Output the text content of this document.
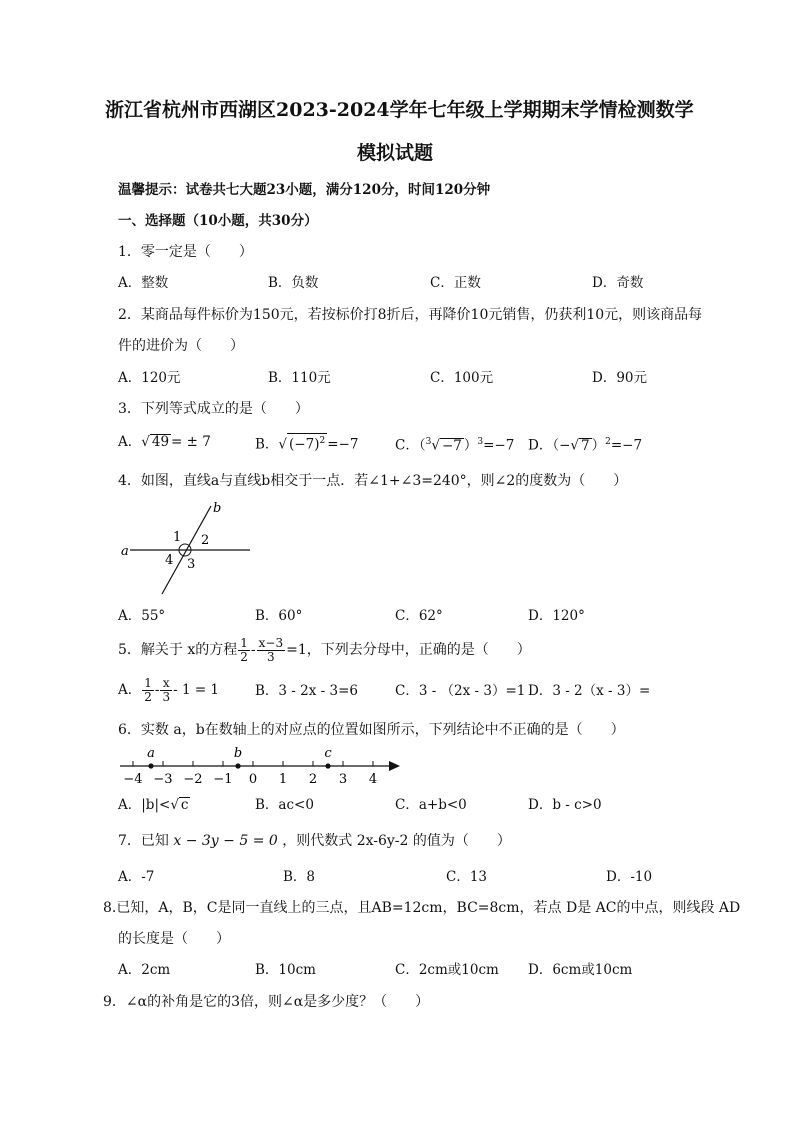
浙江省杭州市西湖区2023-2024学年七年级上学期期末学情检测数学
模拟试题
温馨提示：试卷共七大题23小题，满分120分，时间120分钟
一、选择题（10小题，共30分）
1．零一定是（　　）
A．整数	B．负数	C．正数	D．奇数
2．某商品每件标价为150元，若按标价打8折后，再降价10元销售，仍获利10元，则该商品每
件的进价为（　　）
A．120元	B．110元	C．100元	D．90元
3．下列等式成立的是（　　）
A．√ 49 = ± 7	B．√ $(-7)^2 =-7$	C．（$^3$√ −7 ）$^3$=−7 D．（−√ 7 ）$^2$=−7
4．如图，直线a与直线b相交于一点．若∠1+∠3=240°，则∠2的度数为（　　）
a
b
1 2
3
4
A．55°	B．60°	C．62°	D．120°
5．解关于 x的方程 $\frac{1}{2} - \frac{x-3}{3} =1$，下列去分母中，正确的是（　　）
A． $\frac{1}{2} - \frac{x}{3} - 1 = 1$	B．3 - 2x - 3=6	C．3 - （2x - 3）=1 D．3 - 2（x - 3）=
6．实数 a，b在数轴上的对应点的位置如图所示，下列结论中不正确的是（　　）
−4 −3 −2 −1 0 1 2 3 4
a	b	c
A．|b|<√ c	B．ac<0	C．a+b<0	D．b - c>0
7．已知 x − 3y − 5 = 0 ，则代数式 2x-6y-2 的值为（　　）
A．-7	B．8	C．13	D．-10
8.已知，A，B，C是同一直线上的三点，且AB=12cm，BC=8cm，若点 D是 AC的中点，则线段 AD
的长度是（　　）
A．2cm	B．10cm	C．2cm或10cm D．6cm或10cm
9．∠α的补角是它的3倍，则∠α是多少度？（　　）
